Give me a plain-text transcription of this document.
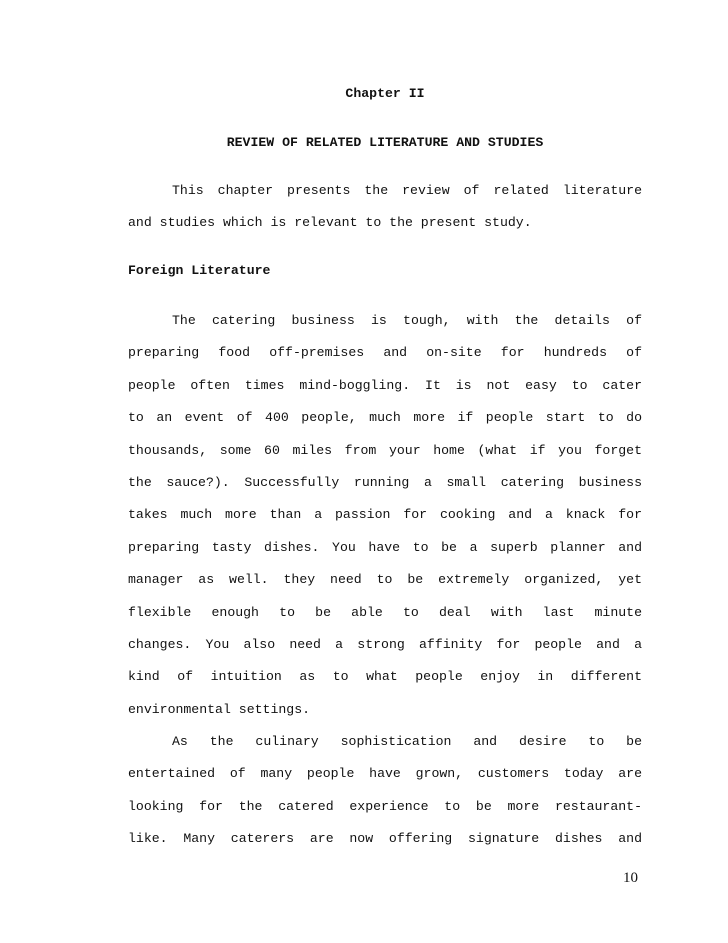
Chapter II
REVIEW OF RELATED LITERATURE AND STUDIES
This chapter presents the review of related literature
and studies which is relevant to the present study.
Foreign Literature
The catering business is tough, with the details of
preparing food off-premises and on-site for hundreds of
people often times mind-boggling. It is not easy to cater
to an event of 400 people, much more if people start to do
thousands, some 60 miles from your home (what if you forget
the sauce?). Successfully running a small catering business
takes much more than a passion for cooking and a knack for
preparing tasty dishes. You have to be a superb planner and
manager as well. they need to be extremely organized, yet
flexible enough to be able to deal with last minute
changes. You also need a strong affinity for people and a
kind of intuition as to what people enjoy in different
environmental settings.
As the culinary sophistication and desire to be
entertained of many people have grown, customers today are
looking for the catered experience to be more restaurant-
like. Many caterers are now offering signature dishes and
10
